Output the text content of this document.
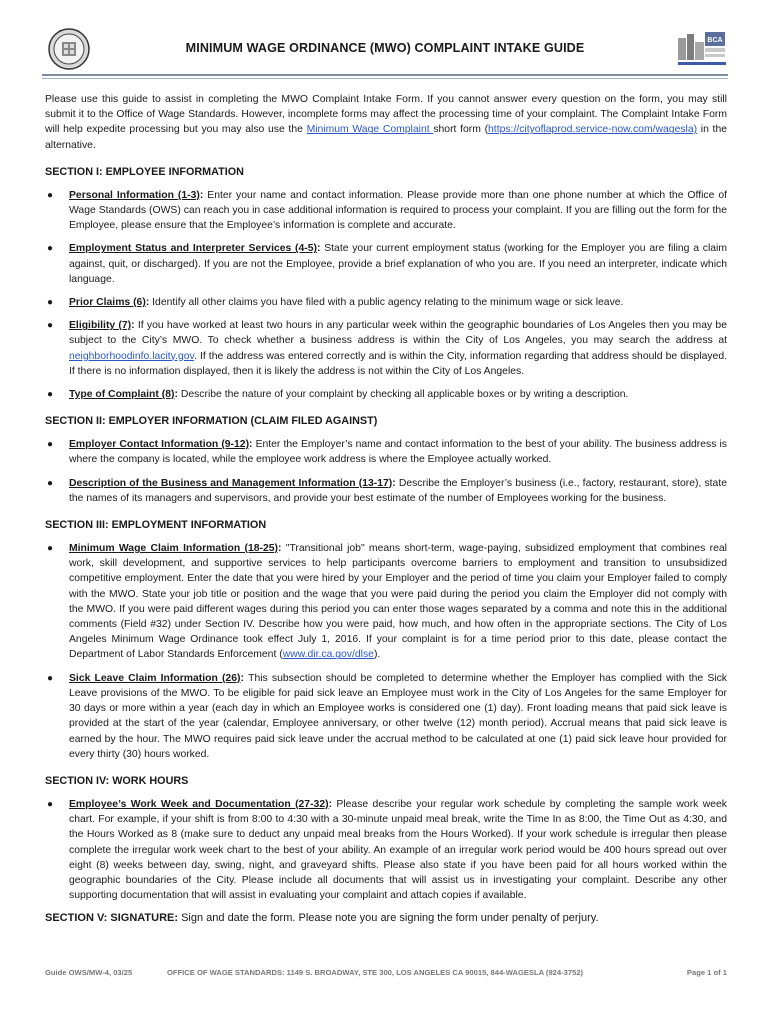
MINIMUM WAGE ORDINANCE (MWO) COMPLAINT INTAKE GUIDE
BCA

Please use this guide to assist in completing the MWO Complaint Intake Form. If you cannot answer every question on the form, you may still submit it to the Office of Wage Standards. However, incomplete forms may affect the processing time of your complaint. The Complaint Intake Form will help expedite processing but you may also use the Minimum Wage Complaint short form (https://cityoflaprod.service-now.com/wagesla) in the alternative.

SECTION I: EMPLOYEE INFORMATION
● Personal Information (1-3): Enter your name and contact information. Please provide more than one phone number at which the Office of Wage Standards (OWS) can reach you in case additional information is required to process your complaint. If you are filling out the form for the Employee, please ensure that the Employee’s information is complete and accurate.
● Employment Status and Interpreter Services (4-5): State your current employment status (working for the Employer you are filing a claim against, quit, or discharged). If you are not the Employee, provide a brief explanation of who you are. If you need an interpreter, indicate which language.
● Prior Claims (6): Identify all other claims you have filed with a public agency relating to the minimum wage or sick leave.
● Eligibility (7): If you have worked at least two hours in any particular week within the geographic boundaries of Los Angeles then you may be subject to the City’s MWO. To check whether a business address is within the City of Los Angeles, you may search the address at neighborhoodinfo.lacity.gov. If the address was entered correctly and is within the City, information regarding that address should be displayed. If there is no information displayed, then it is likely the address is not within the City of Los Angeles.
● Type of Complaint (8): Describe the nature of your complaint by checking all applicable boxes or by writing a description.
SECTION II: EMPLOYER INFORMATION (CLAIM FILED AGAINST)
● Employer Contact Information (9-12): Enter the Employer’s name and contact information to the best of your ability. The business address is where the company is located, while the employee work address is where the Employee actually worked.
● Description of the Business and Management Information (13-17): Describe the Employer’s business (i.e., factory, restaurant, store), state the names of its managers and supervisors, and provide your best estimate of the number of Employees working for the business.
SECTION III: EMPLOYMENT INFORMATION
● Minimum Wage Claim Information (18-25): "Transitional job" means short-term, wage-paying, subsidized employment that combines real work, skill development, and supportive services to help participants overcome barriers to employment and transition to unsubsidized competitive employment. Enter the date that you were hired by your Employer and the period of time you claim your Employer failed to comply with the MWO. State your job title or position and the wage that you were paid during the period you claim the Employer did not comply with the MWO. If you were paid different wages during this period you can enter those wages separated by a comma and note this in the additional comments (Field #32) under Section IV. Describe how you were paid, how much, and how often in the appropriate sections. The City of Los Angeles Minimum Wage Ordinance took effect July 1, 2016. If your complaint is for a time period prior to this date, please contact the Department of Labor Standards Enforcement (www.dir.ca.gov/dlse).
● Sick Leave Claim Information (26): This subsection should be completed to determine whether the Employer has complied with the Sick Leave provisions of the MWO. To be eligible for paid sick leave an Employee must work in the City of Los Angeles for the same Employer for 30 days or more within a year (each day in which an Employee works is considered one (1) day). Front loading means that paid sick leave is provided at the start of the year (calendar, Employee anniversary, or other twelve (12) month period). Accrual means that paid sick leave is earned by the hour. The MWO requires paid sick leave under the accrual method to be calculated at one (1) paid sick leave hour provided for every thirty (30) hours worked.
SECTION IV: WORK HOURS
● Employee’s Work Week and Documentation (27-32): Please describe your regular work schedule by completing the sample work week chart. For example, if your shift is from 8:00 to 4:30 with a 30-minute unpaid meal break, write the Time In as 8:00, the Time Out as 4:30, and the Hours Worked as 8 (make sure to deduct any unpaid meal breaks from the Hours Worked). If your work schedule is irregular then please complete the irregular work week chart to the best of your ability. An example of an irregular work period would be 400 hours spread out over eight (8) weeks between day, swing, night, and graveyard shifts. Please also state if you have been paid for all hours worked within the geographic boundaries of the City. Please include all documents that will assist us in investigating your complaint. Describe any other supporting documentation that will assist in evaluating your complaint and attach copies if available.

SECTION V: SIGNATURE: Sign and date the form. Please note you are signing the form under penalty of perjury.

Guide OWS/MW-4, 03/25	OFFICE OF WAGE STANDARDS: 1149 S. BROADWAY, STE 300, LOS ANGELES CA 90015, 844-WAGESLA (924-3752)	Page 1 of 1
